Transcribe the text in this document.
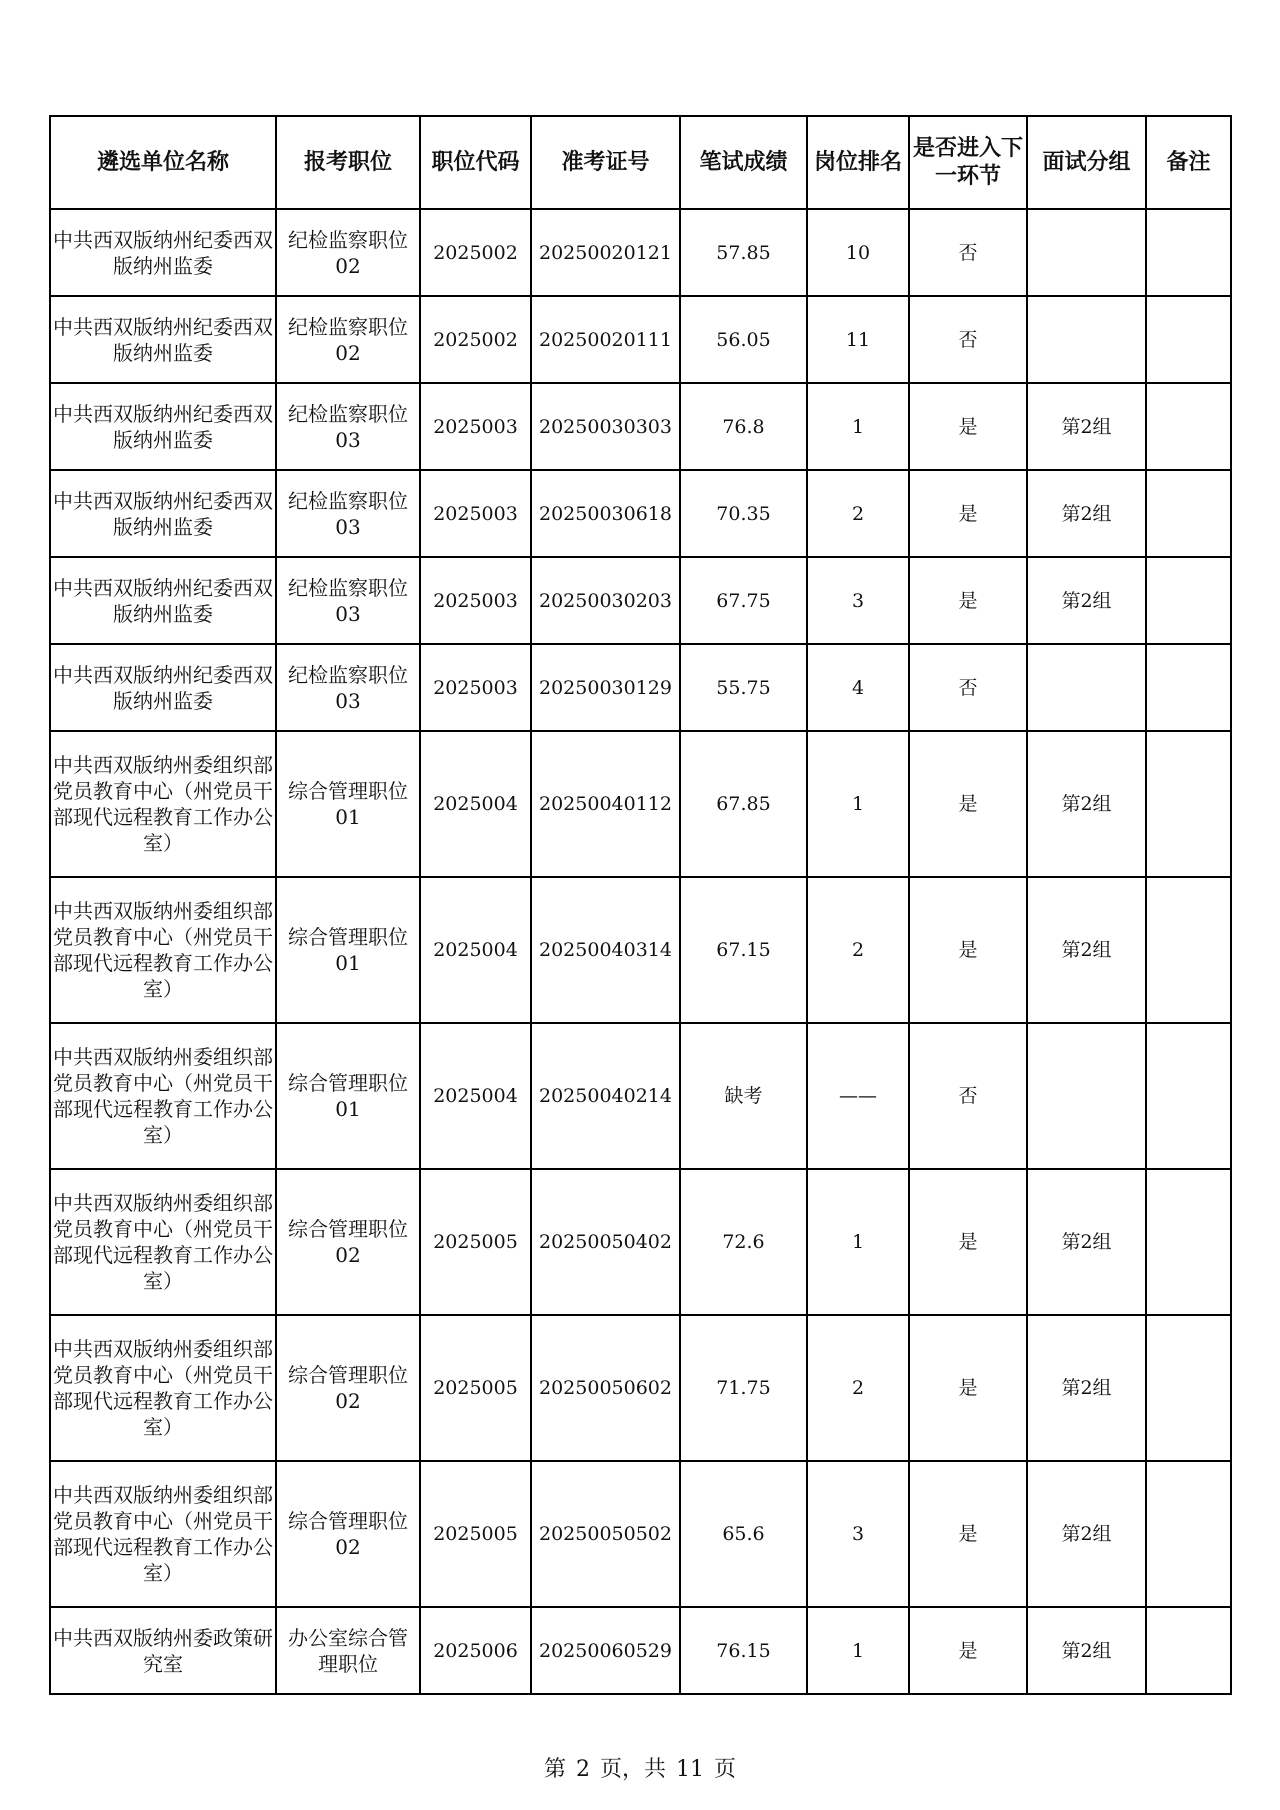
遴选单位名称	报考职位	职位代码	准考证号	笔试成绩	岗位排名	是否进入下一环节	面试分组	备注
中共西双版纳州纪委西双版纳州监委	纪检监察职位02	2025002	20250020121	57.85	10	否		
中共西双版纳州纪委西双版纳州监委	纪检监察职位02	2025002	20250020111	56.05	11	否		
中共西双版纳州纪委西双版纳州监委	纪检监察职位03	2025003	20250030303	76.8	1	是	第2组	
中共西双版纳州纪委西双版纳州监委	纪检监察职位03	2025003	20250030618	70.35	2	是	第2组	
中共西双版纳州纪委西双版纳州监委	纪检监察职位03	2025003	20250030203	67.75	3	是	第2组	
中共西双版纳州纪委西双版纳州监委	纪检监察职位03	2025003	20250030129	55.75	4	否		
中共西双版纳州委组织部党员教育中心（州党员干部现代远程教育工作办公室）	综合管理职位01	2025004	20250040112	67.85	1	是	第2组	
中共西双版纳州委组织部党员教育中心（州党员干部现代远程教育工作办公室）	综合管理职位01	2025004	20250040314	67.15	2	是	第2组	
中共西双版纳州委组织部党员教育中心（州党员干部现代远程教育工作办公室）	综合管理职位01	2025004	20250040214	缺考	——	否		
中共西双版纳州委组织部党员教育中心（州党员干部现代远程教育工作办公室）	综合管理职位02	2025005	20250050402	72.6	1	是	第2组	
中共西双版纳州委组织部党员教育中心（州党员干部现代远程教育工作办公室）	综合管理职位02	2025005	20250050602	71.75	2	是	第2组	
中共西双版纳州委组织部党员教育中心（州党员干部现代远程教育工作办公室）	综合管理职位02	2025005	20250050502	65.6	3	是	第2组	
中共西双版纳州委政策研究室	办公室综合管理职位	2025006	20250060529	76.15	1	是	第2组	
第 2 页，共 11 页
